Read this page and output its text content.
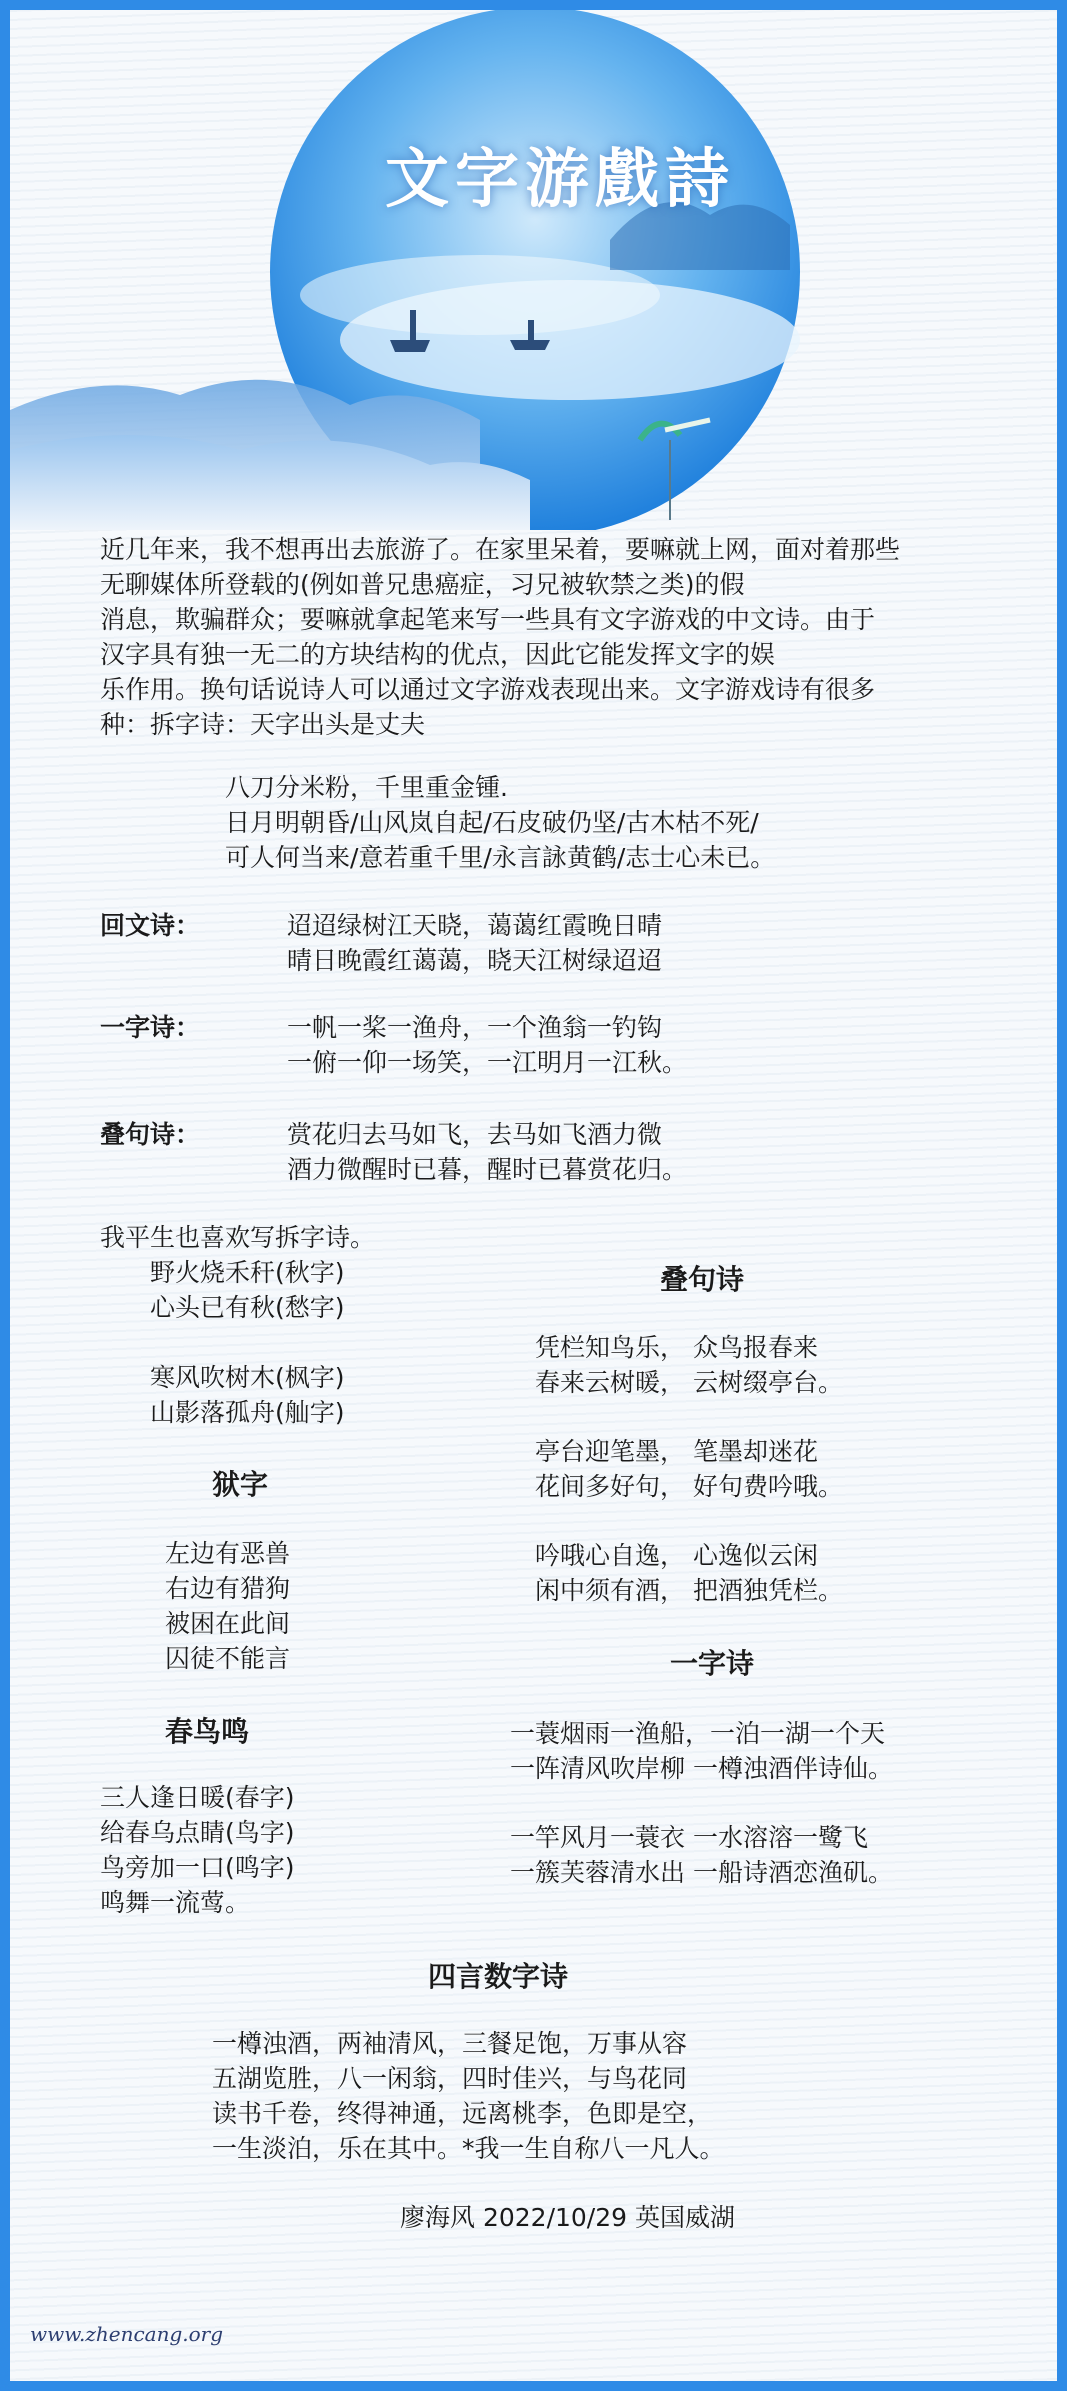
文字游戲詩
近几年来，我不想再出去旅游了。在家里呆着，要嘛就上网，面对着那些
无聊媒体所登载的(例如普兄患癌症，习兄被软禁之类)的假
消息，欺骗群众；要嘛就拿起笔来写一些具有文字游戏的中文诗。由于
汉字具有独一无二的方块结构的优点，因此它能发挥文字的娱
乐作用。换句话说诗人可以通过文字游戏表现出来。文字游戏诗有很多
种：拆字诗：天字出头是丈夫
八刀分米粉，千里重金锺.
日月明朝昏/山风岚自起/石皮破仍坚/古木枯不死/
可人何当来/意若重千里/永言詠黄鹤/志士心未已。
回文诗：	迢迢绿树江天晓，蔼蔼红霞晚日晴
晴日晚霞红蔼蔼，晓天江树绿迢迢
一字诗：	一帆一桨一渔舟，一个渔翁一钓钩
一俯一仰一场笑，一江明月一江秋。
叠句诗：	赏花归去马如飞，去马如飞酒力微
酒力微醒时已暮，醒时已暮赏花归。
我平生也喜欢写拆字诗。
野火烧禾秆(秋字)
心头已有秋(愁字)
寒风吹树木(枫字)
山影落孤舟(舢字)
狱字
左边有恶兽
右边有猎狗
被困在此间
囚徒不能言
春鸟鸣
三人逢日暖(春字)
给春乌点睛(鸟字)
鸟旁加一口(鸣字)
鸣舞一流莺。
叠句诗
凭栏知鸟乐， 众鸟报春来
春来云树暖， 云树缀亭台。
亭台迎笔墨， 笔墨却迷花
花间多好句， 好句费吟哦。
吟哦心自逸， 心逸似云闲
闲中须有酒， 把酒独凭栏。
一字诗
一蓑烟雨一渔船，一泊一湖一个天
一阵清风吹岸柳 一樽浊酒伴诗仙。
一竿风月一蓑衣 一水溶溶一鹭飞
一簇芙蓉清水出 一船诗酒恋渔矶。
四言数字诗
一樽浊酒，两袖清风，三餐足饱，万事从容
五湖览胜，八一闲翁，四时佳兴，与鸟花同
读书千卷，终得神通，远离桃李，色即是空，
一生淡泊，乐在其中。*我一生自称八一凡人。
廖海风 2022/10/29 英国威湖
www.zhencang.org
